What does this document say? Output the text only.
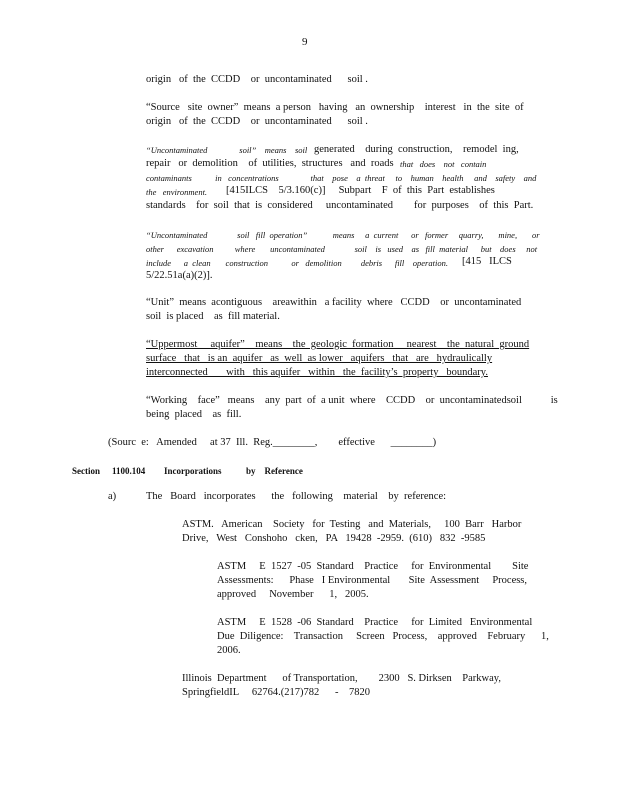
9
origin   of  the  CCDD    or  uncontaminated      soil .
“Source   site  owner”  means  a person   having   an  ownership    interest   in  the  site  of
origin   of  the  CCDD    or  uncontaminated      soil .
“Uncontaminated               soil”    means    soil generated    during  construction,    remodel  ing,
repair   or  demolition    of  utilities,  structures   and  roads that   does    not   contain
contaminants           in   concentrations               that    pose    a  threat     to    human    health     and    safety    and
the   environment. [415ILCS    5/3.160(c)]     Subpart    F  of  this  Part  establishes
standards    for  soil  that  is  considered     uncontaminated        for  purposes    of  this  Part.
“Uncontaminated              soil   fill  operation”            means     a  current      or   former     quarry,       mine,       or
other      excavation          where       uncontaminated              soil    is   used    as   fill  material      but    does     not
include      a  clean       construction           or   demolition         debris      fill    operation. [415   ILCS
5/22.51a(a)(2)].
“Unit”  means  acontiguous    areawithin   a facility  where   CCDD    or  uncontaminated
soil  is placed    as  fill material.
“Uppermost     aquifer”    means    the  geologic  formation     nearest    the  natural  ground
surface   that   is an  aquifer   as  well  as lower   aquifers   that   are   hydraulically
interconnected       with   this aquifer   within   the  facility’s  property   boundary.
“Working    face”   means    any  part  of  a unit  where    CCDD    or  uncontaminatedsoil           is
being  placed    as  fill.
(Sourc  e:   Amended     at 37  Ill.  Reg.________,        effective      ________)
Section 1100.104 Incorporations	by    Reference
a)	The   Board   incorporates      the   following    material    by  reference:
ASTM.   American    Society   for  Testing   and  Materials,     100  Barr   Harbor
Drive,   West   Conshoho   cken,   PA   19428  -2959.  (610)   832  -9585
ASTM     E  1527  -05  Standard    Practice     for  Environmental        Site
Assessments:      Phase   I Environmental       Site  Assessment     Process,
approved     November      1,   2005.
ASTM     E  1528  -06  Standard    Practice     for  Limited   Environmental
Due  Diligence:    Transaction     Screen   Process,    approved    February      1,
2006.
Illinois  Department      of Transportation,        2300   S. Dirksen    Parkway,
SpringfieldIL     62764.(217)782      -    7820
